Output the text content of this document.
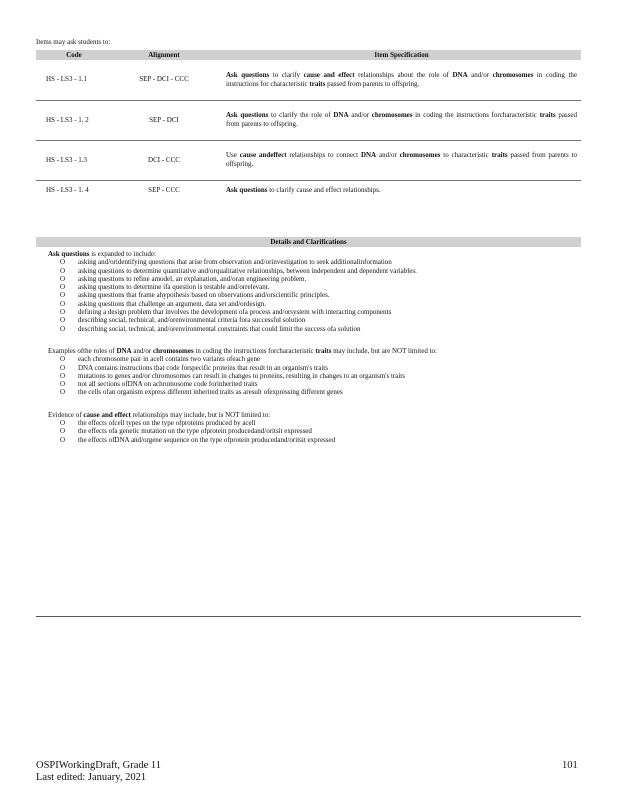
Items may ask students to:
Code	Alignment	Item Specification
HS - LS3 - 1.1	SEP - DCI - CCC	Ask questions to clarify cause and effect relationships about the role of DNA and/or chromosomes in coding the instructions for characteristic traits passed from parents to offspring.
HS - LS3 - 1. 2	SEP - DCI	Ask questions to clarify the role of DNA and/or chromosomes in coding the instructions forcharacteristic traits passed from parents to offspring.
HS - LS3 - 1.3	DCI - CCC	Use cause andeffect relationships to connect DNA and/or chromosomes to characteristic traits passed from parents to offspring.
HS - LS3 - 1. 4	SEP - CCC	Ask questions to clarify cause and effect relationships.
Details and Clarifications
Ask questions is expanded to include:
O	asking and/oridentifying questions that arise from observation and/orinvestigation to seek additionalinformation
O	asking questions to determine quantitative and/orqualitative relationships, between independent and dependent variables.
O	asking questions to refine amodel, an explanation, and/oran engineering problem.
O	asking questions to determine ifa question is testable and/orrelevant.
O	asking questions that frame ahypothesis based on observations and/orscientific principles.
O	asking questions that challenge an argument, data set and/ordesign.
O	defining a design problem that involves the development ofa process and/orsystem with interacting components
O	describing social, technical, and/orenvironmental criteria fora successful solution
O	describing social, technical, and/orenvironmental constraints that could limit the success ofa solution
Examples ofthe roles of DNA and/or chromosomes in coding the instructions forcharacteristic traits may include, but are NOT limited to:
O	each chromosome pair in acell contains two variants ofeach gene
O	DNA contains instructions that code forspecific proteins that result in an organism's traits
O	mutations to genes and/or chromosomes can result in changes to proteins, resulting in changes to an organism's traits
O	not all sections ofDNA on achromosome code forinherited traits
O	the cells ofan organism express different inherited traits as aresult ofexpressing different genes
Evidence of cause and effect relationships may include, but is NOT limited to:
O	the effects ofcell types on the type ofproteins produced by acell
O	the effects ofa genetic mutation on the type ofprotein producedand/oritsit expressed
O	the effects ofDNA and/orgene sequence on the type ofprotein producedand/oritsit expressed
OSPIWorkingDraft, Grade 11
Last edited: January, 2021
101
